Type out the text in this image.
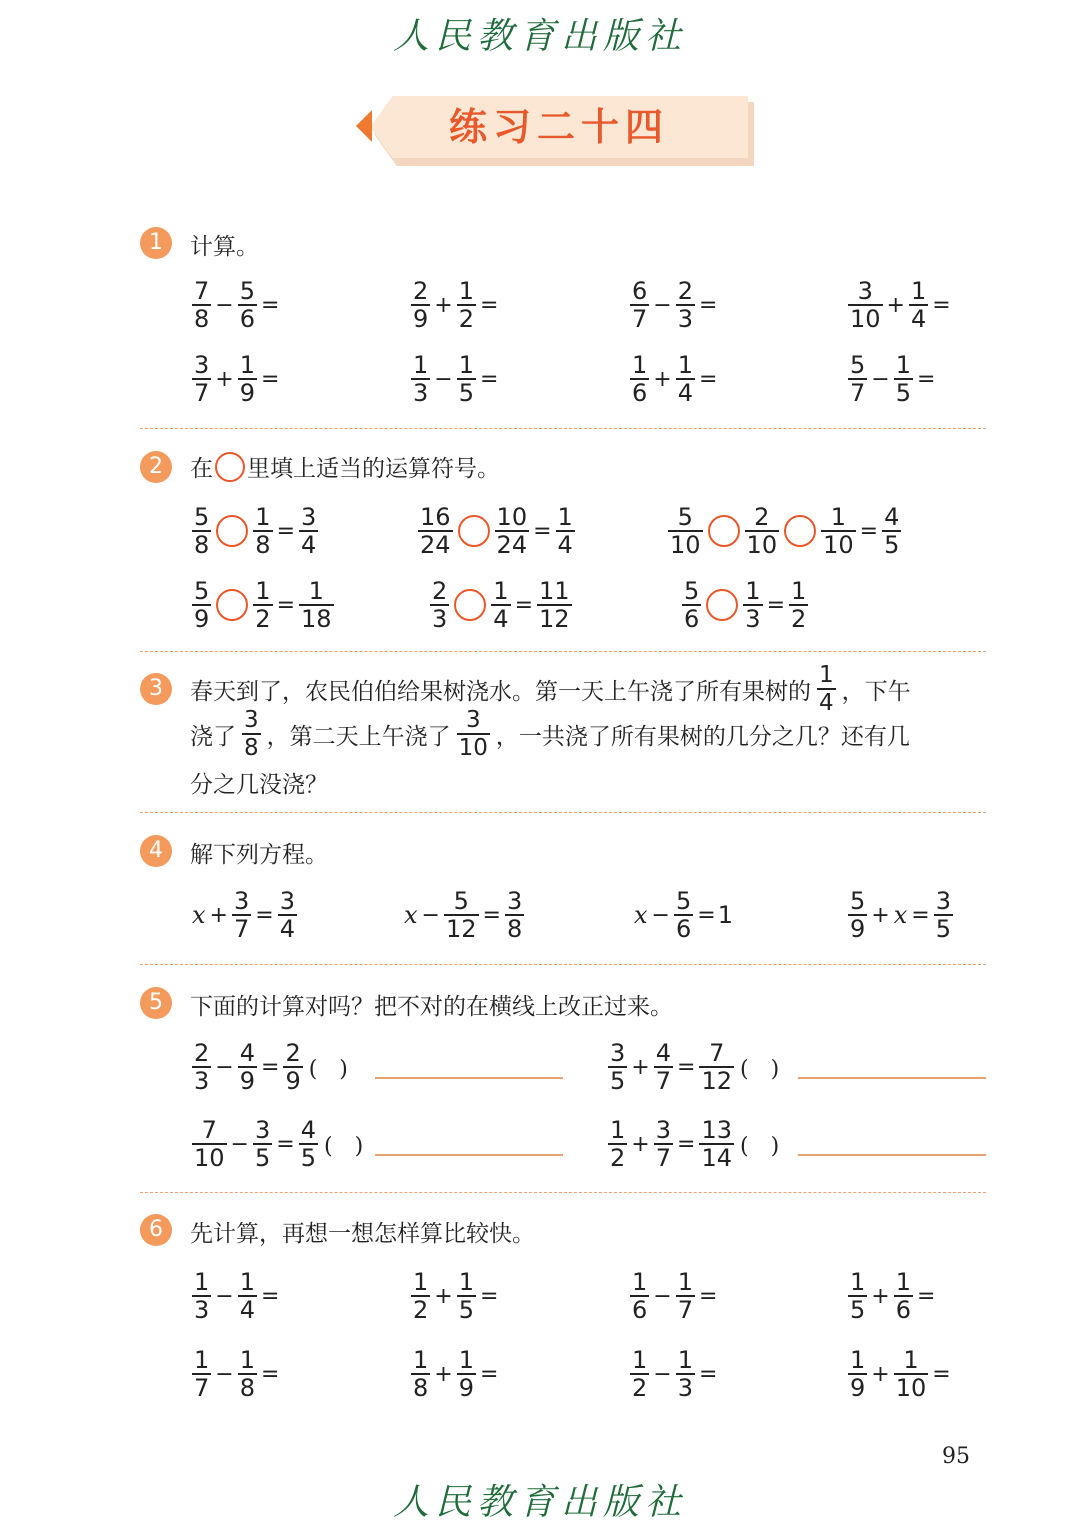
人民教育出版社
练习二十四
1	计算。
$\frac{7}{8} - \frac{5}{6}$ =	$\frac{2}{9} + \frac{1}{2}$ =	$\frac{6}{7} - \frac{2}{3}$ =	$\frac{3}{10} + \frac{1}{4}$ =
$\frac{3}{7} + \frac{1}{9}$ =	$\frac{1}{3} - \frac{1}{5}$ =	$\frac{1}{6} + \frac{1}{4}$ =	$\frac{5}{7} - \frac{1}{5}$ =
2	在 里填上适当的运算符号。
$\frac{5}{8} \frac{1}{8} = \frac{3}{4}$	$\frac{16}{24} \frac{10}{24} = \frac{1}{4}$	$\frac{5}{10} \frac{2}{10} \frac{1}{10} = \frac{4}{5}$
$\frac{5}{9} \frac{1}{2} = \frac{1}{18}$	$\frac{2}{3} \frac{1}{4} = \frac{11}{12}$	$\frac{5}{6} \frac{1}{3} = \frac{1}{2}$
3	春天到了，农民伯伯给果树浇水。第一天上午浇了所有果树的 $\frac{1}{4}$ ，下午
浇了 $\frac{3}{8}$ ，第二天上午浇了 $\frac{3}{10}$ ，一共浇了所有果树的几分之几？还有几
分之几没浇？
4	解下列方程。
$x + \frac{3}{7} = \frac{3}{4}$	$x - \frac{5}{12} = \frac{3}{8}$	$x - \frac{5}{6} = 1$	$\frac{5}{9} + x = \frac{3}{5}$
5	下面的计算对吗？把不对的在横线上改正过来。
$\frac{2}{3} - \frac{4}{9} = \frac{2}{9}$ (　)	$\frac{3}{5} + \frac{4}{7} = \frac{7}{12}$ (　)
$\frac{7}{10} - \frac{3}{5} = \frac{4}{5}$ (　)	$\frac{1}{2} + \frac{3}{7} = \frac{13}{14}$ (　)
6	先计算，再想一想怎样算比较快。
$\frac{1}{3} - \frac{1}{4}$ =	$\frac{1}{2} + \frac{1}{5}$ =	$\frac{1}{6} - \frac{1}{7}$ =	$\frac{1}{5} + \frac{1}{6}$ =
$\frac{1}{7} - \frac{1}{8}$ =	$\frac{1}{8} + \frac{1}{9}$ =	$\frac{1}{2} - \frac{1}{3}$ =	$\frac{1}{9} + \frac{1}{10}$ =
95
人民教育出版社
